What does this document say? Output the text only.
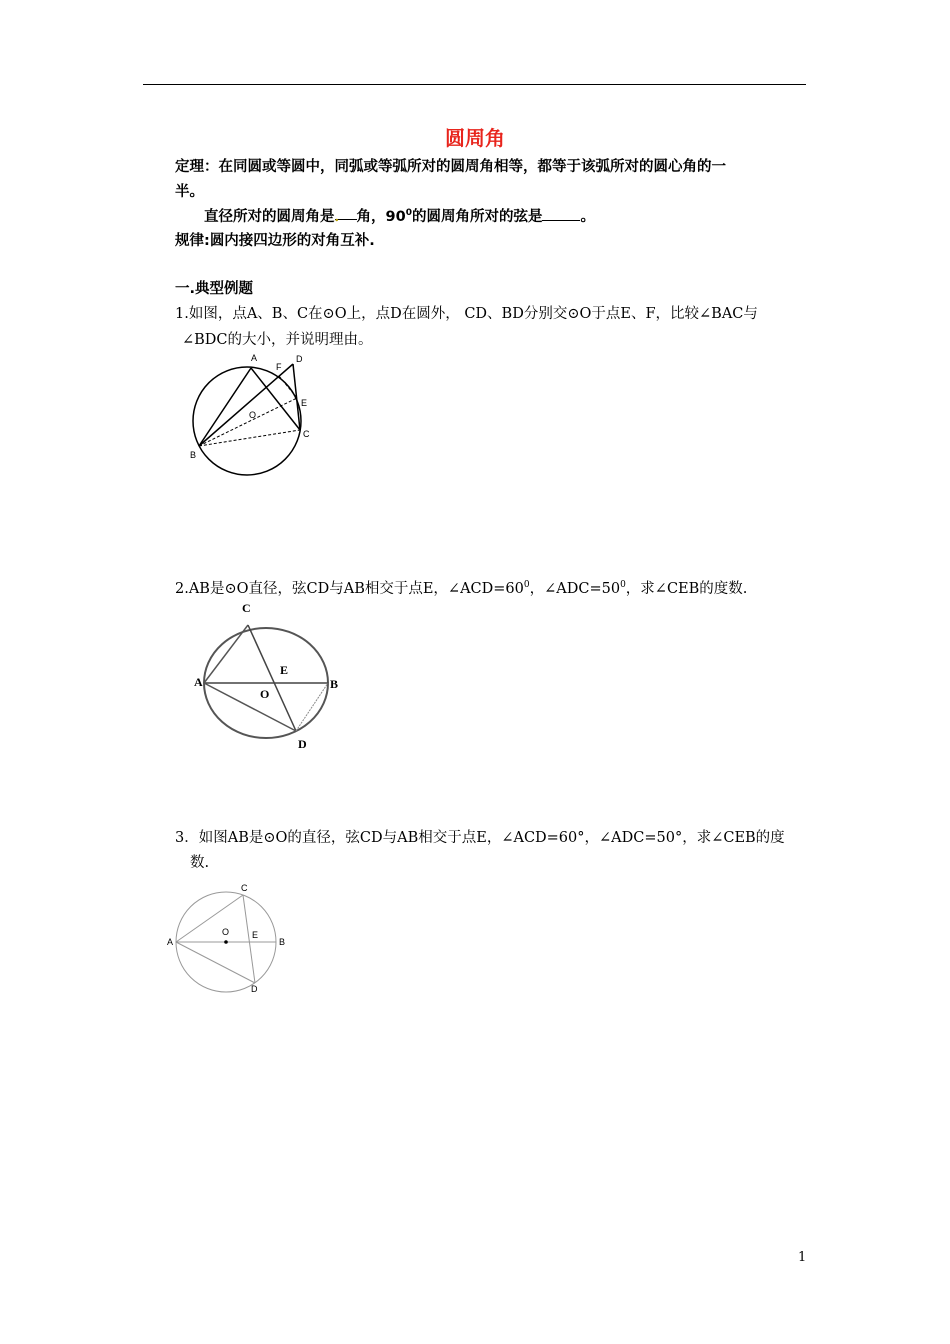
圆周角
定理：在同圆或等圆中，同弧或等弧所对的圆周角相等，都等于该弧所对的圆心角的一
半。
直径所对的圆周角是． 角，$90^0$的圆周角所对的弦是	。
规律:圆内接四边形的对角互补.
一.典型例题
1.如图，点A、B、C在⊙O上，点D在圆外， CD、BD分别交⊙O于点E、F，比较∠BAC与
∠BDC的大小，并说明理由。
A
B
C
D
E
F
O
2.AB是⊙O直径，弦CD与AB相交于点E，$\angle ACD=60^0$，$\angle ADC=50^0$，求∠CEB的度数.
A	B
C
D
E
O
3．如图AB是⊙O的直径，弦CD与AB相交于点E，∠ACD=60°，∠ADC=50°，求∠CEB的度
数.
A	B
C
D
E
O
1
